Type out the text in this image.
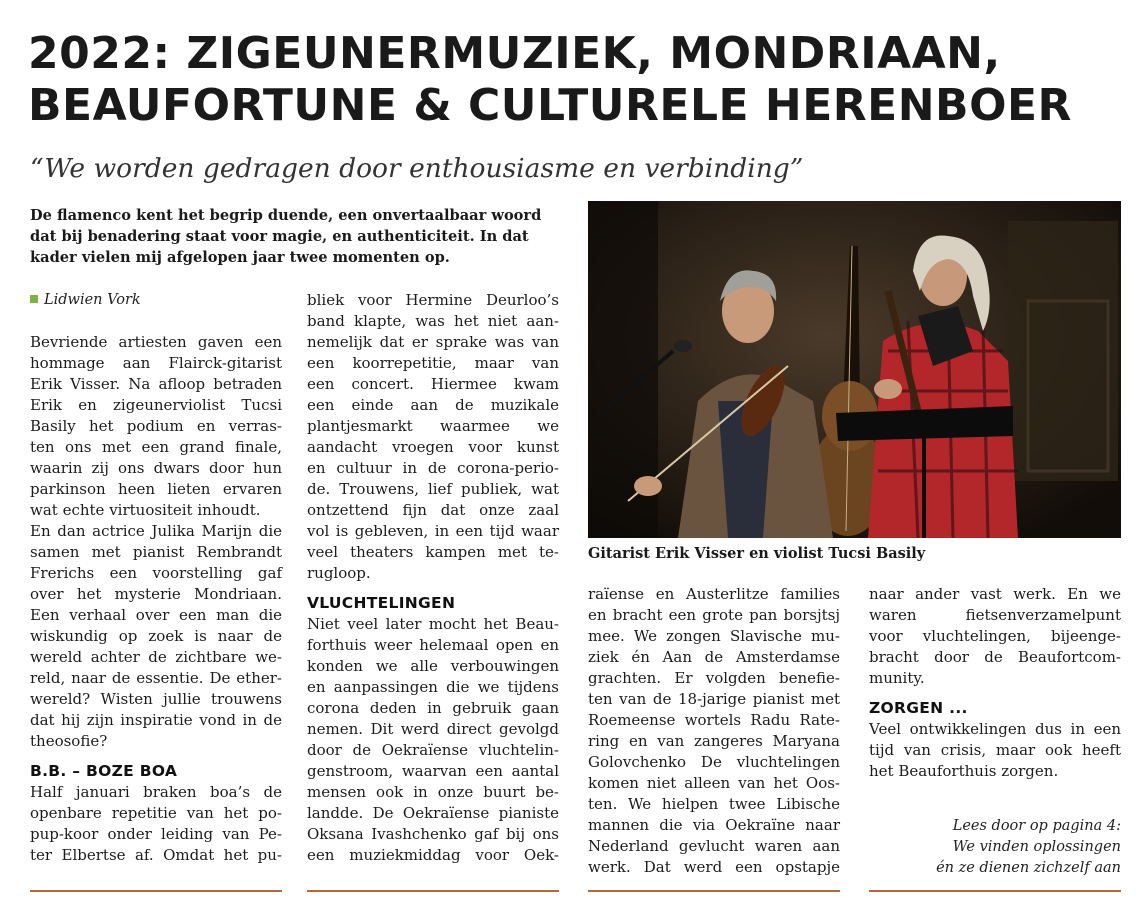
2022: ZIGEUNERMUZIEK, MONDRIAAN,
BEAUFORTUNE & CULTURELE HERENBOER

“We worden gedragen door enthousiasme en verbinding”

De flamenco kent het begrip duende, een onvertaalbaar woord
dat bij benadering staat voor magie, en authenticiteit. In dat
kader vielen mij afgelopen jaar twee momenten op.
Lidwien Vork
Bevriende artiesten gaven een
hommage aan Flairck-gitarist
Erik Visser. Na afloop betraden
Erik en zigeunerviolist Tucsi
Basily het podium en verras-
ten ons met een grand finale,
waarin zij ons dwars door hun
parkinson heen lieten ervaren
wat echte virtuositeit inhoudt.
En dan actrice Julika Marijn die
samen met pianist Rembrandt
Frerichs een voorstelling gaf
over het mysterie Mondriaan.
Een verhaal over een man die
wiskundig op zoek is naar de
wereld achter de zichtbare we-
reld, naar de essentie. De ether-
wereld? Wisten jullie trouwens
dat hij zijn inspiratie vond in de
theosofie?
B.B. – BOZE BOA
Half januari braken boa’s de
openbare repetitie van het po-
pup-koor onder leiding van Pe-
ter Elbertse af. Omdat het pu-
bliek voor Hermine Deurloo’s
band klapte, was het niet aan-
nemelijk dat er sprake was van
een koorrepetitie, maar van
een concert. Hiermee kwam
een einde aan de muzikale
plantjesmarkt waarmee we
aandacht vroegen voor kunst
en cultuur in de corona-perio-
de. Trouwens, lief publiek, wat
ontzettend fijn dat onze zaal
vol is gebleven, in een tijd waar
veel theaters kampen met te-
rugloop.
VLUCHTELINGEN
Niet veel later mocht het Beau-
forthuis weer helemaal open en
konden we alle verbouwingen
en aanpassingen die we tijdens
corona deden in gebruik gaan
nemen. Dit werd direct gevolgd
door de Oekraïense vluchtelin-
genstroom, waarvan een aantal
mensen ook in onze buurt be-
landde. De Oekraïense pianiste
Oksana Ivashchenko gaf bij ons
een muziekmiddag voor Oek-
Gitarist Erik Visser en violist Tucsi Basily
raïense en Austerlitze families
en bracht een grote pan borsjtsj
mee. We zongen Slavische mu-
ziek én Aan de Amsterdamse
grachten. Er volgden benefie-
ten van de 18-jarige pianist met
Roemeense wortels Radu Rate-
ring en van zangeres Maryana
Golovchenko De vluchtelingen
komen niet alleen van het Oos-
ten. We hielpen twee Libische
mannen die via Oekraïne naar
Nederland gevlucht waren aan
werk. Dat werd een opstapje
naar ander vast werk. En we
waren fietsenverzamelpunt
voor vluchtelingen, bijeenge-
bracht door de Beaufortcom-
munity.
ZORGEN ...
Veel ontwikkelingen dus in een
tijd van crisis, maar ook heeft
het Beauforthuis zorgen.
Lees door op pagina 4:
We vinden oplossingen
én ze dienen zichzelf aan
